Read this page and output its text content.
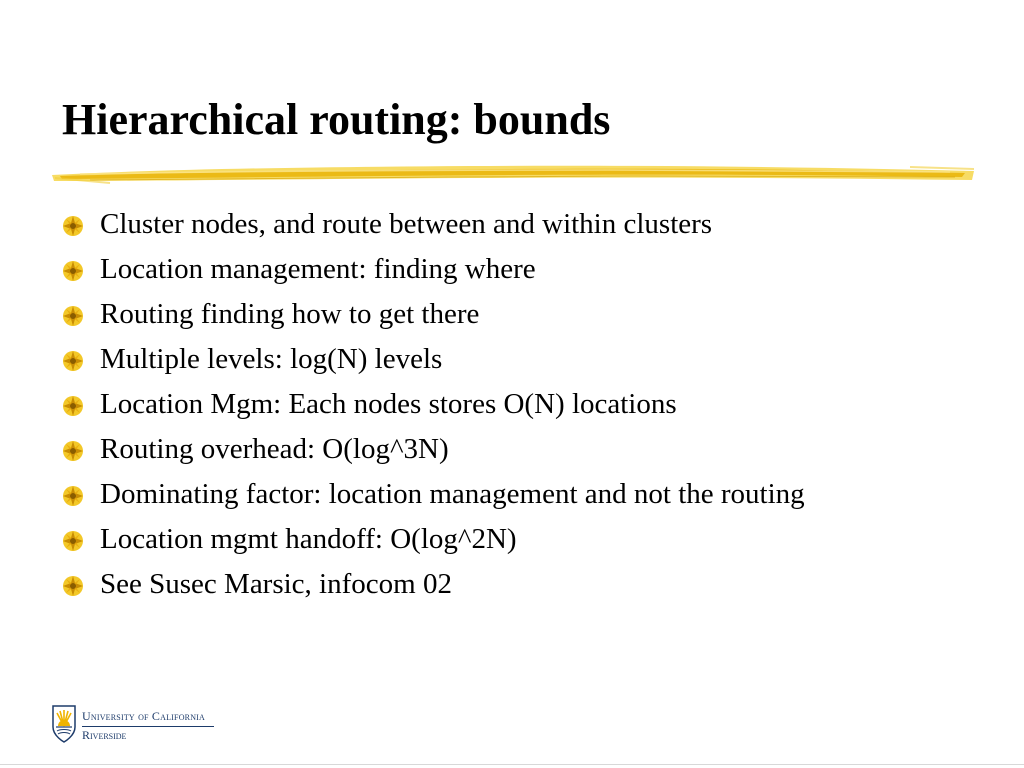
Hierarchical routing: bounds
Cluster nodes, and route between and within clusters
Location management: finding where
Routing finding how to get there
Multiple levels: log(N) levels
Location Mgm: Each nodes stores O(N) locations
Routing overhead: O(log^3N)
Dominating factor: location management and not the routing
Location mgmt handoff: O(log^2N)
See Susec Marsic, infocom 02
University of California
Riverside
